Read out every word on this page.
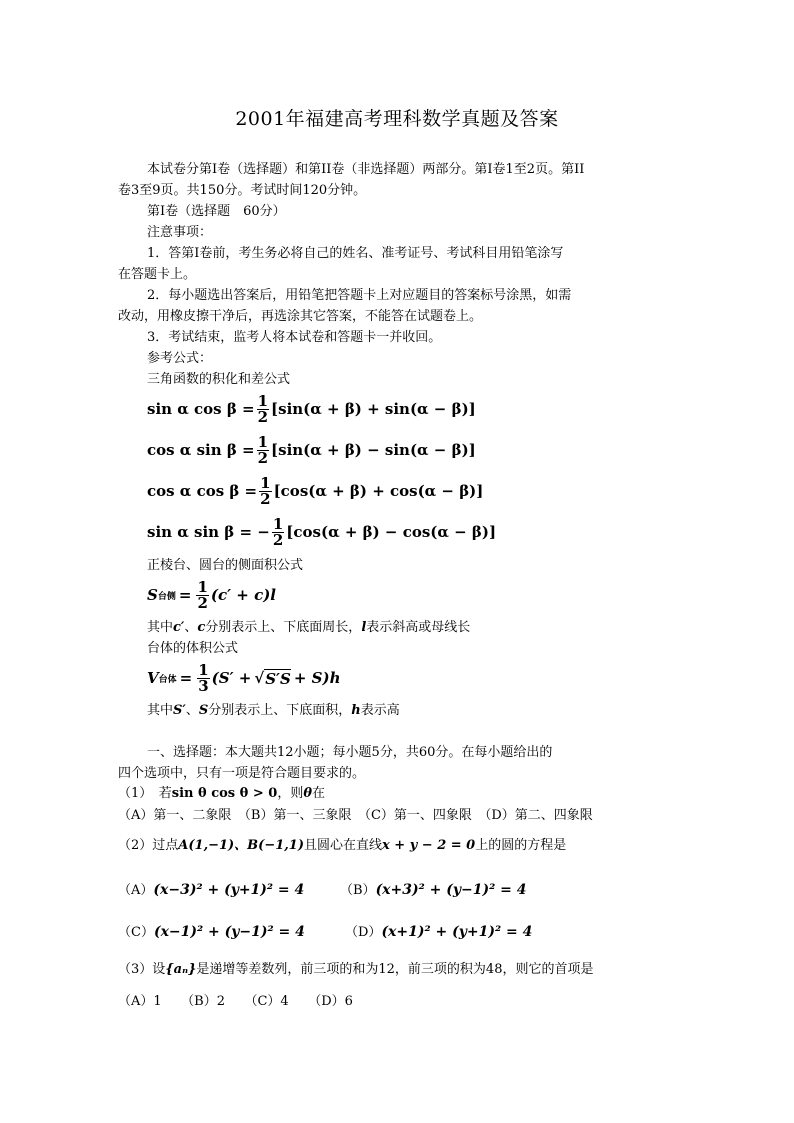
2001年福建高考理科数学真题及答案
本试卷分第Ⅰ卷（选择题）和第II卷（非选择题）两部分。第Ⅰ卷1至2页。第II
卷3至9页。共150分。考试时间120分钟。
第Ⅰ卷（选择题　60分）
注意事项：
1．答第Ⅰ卷前，考生务必将自己的姓名、准考证号、考试科目用铅笔涂写
在答题卡上。
2．每小题选出答案后，用铅笔把答题卡上对应题目的答案标号涂黑，如需
改动，用橡皮擦干净后，再选涂其它答案，不能答在试题卷上。
3．考试结束，监考人将本试卷和答题卡一并收回。
参考公式：
三角函数的积化和差公式
sin α $\cos \beta = \frac{1}{2} [\sin(\alpha + \beta) + \sin(\alpha - \beta)]$
cos α $\sin \beta = \frac{1}{2} [\sin(\alpha + \beta) - \sin(\alpha - \beta)]$
cos α $\cos \beta = \frac{1}{2} [\cos(\alpha + \beta) + \cos(\alpha - \beta)]$
sin α sin β = − $\frac{1}{2} [\cos(\alpha + \beta) - \cos(\alpha - \beta)]$
正棱台、圆台的侧面积公式
S 台侧 = $\frac{1}{2} (c' + c)l$
其中c′、c分别表示上、下底面周长，l表示斜高或母线长
台体的体积公式
V 台体 = $\frac{1}{3} (S'$ + √ S′S + S)h
其中S′、S分别表示上、下底面积，h表示高
一、选择题：本大题共12小题；每小题5分，共60分。在每小题给出的
四个选项中，只有一项是符合题目要求的。
（1）　若sin θ cos θ > 0，则θ在
（A）第一、二象限　（B）第一、三象限　（C）第一、四象限　（D）第二、四象限
（2）过点A(1,−1)、B(−1,1)且圆心在直线x + y − 2 = 0上的圆的方程是
（A）(x−3)² + (y+1)² = 4	（B）(x+3)² + (y−1)² = 4
（C）(x−1)² + (y−1)² = 4	（D）(x+1)² + (y+1)² = 4
（3）设{aₙ}是递增等差数列，前三项的和为12，前三项的积为48，则它的首项是
（A）1　　（B）2　　（C）4　　（D）6
